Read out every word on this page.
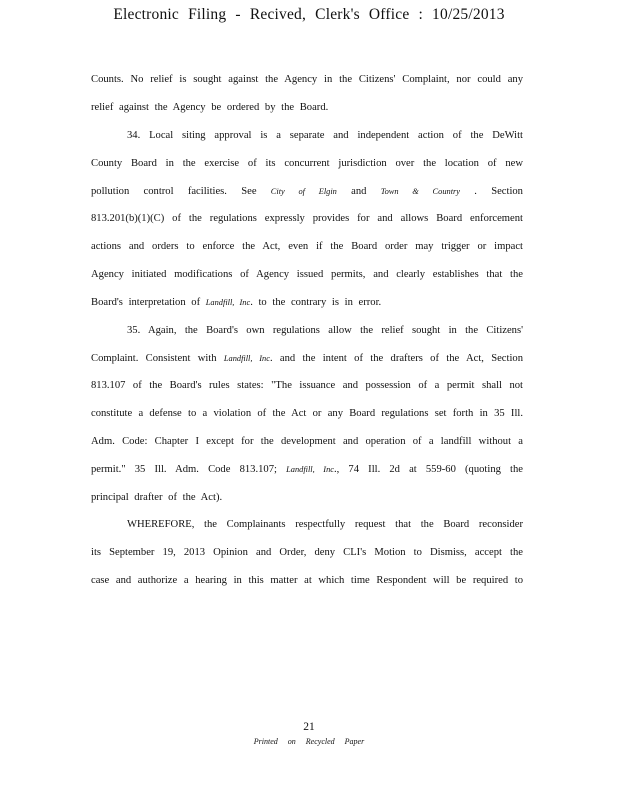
Electronic Filing - Recived, Clerk's Office : 10/25/2013
Counts. No relief is sought against the Agency in the Citizens' Complaint, nor could any
relief against the Agency be ordered by the Board.
34. Local siting approval is a separate and independent action of the DeWitt
County Board in the exercise of its concurrent jurisdiction over the location of new
pollution control facilities. See City of Elgin and Town & Country . Section
813.201(b)(1)(C) of the regulations expressly provides for and allows Board enforcement
actions and orders to enforce the Act, even if the Board order may trigger or impact
Agency initiated modifications of Agency issued permits, and clearly establishes that the
Board's interpretation of Landfill, Inc. to the contrary is in error.
35. Again, the Board's own regulations allow the relief sought in the Citizens'
Complaint. Consistent with Landfill, Inc. and the intent of the drafters of the Act, Section
813.107 of the Board's rules states: "The issuance and possession of a permit shall not
constitute a defense to a violation of the Act or any Board regulations set forth in 35 Ill.
Adm. Code: Chapter I except for the development and operation of a landfill without a
permit." 35 Ill. Adm. Code 813.107; Landfill, Inc., 74 Ill. 2d at 559-60 (quoting the
principal drafter of the Act).
WHEREFORE, the Complainants respectfully request that the Board reconsider
its September 19, 2013 Opinion and Order, deny CLI's Motion to Dismiss, accept the
case and authorize a hearing in this matter at which time Respondent will be required to
21
Printed on Recycled Paper
